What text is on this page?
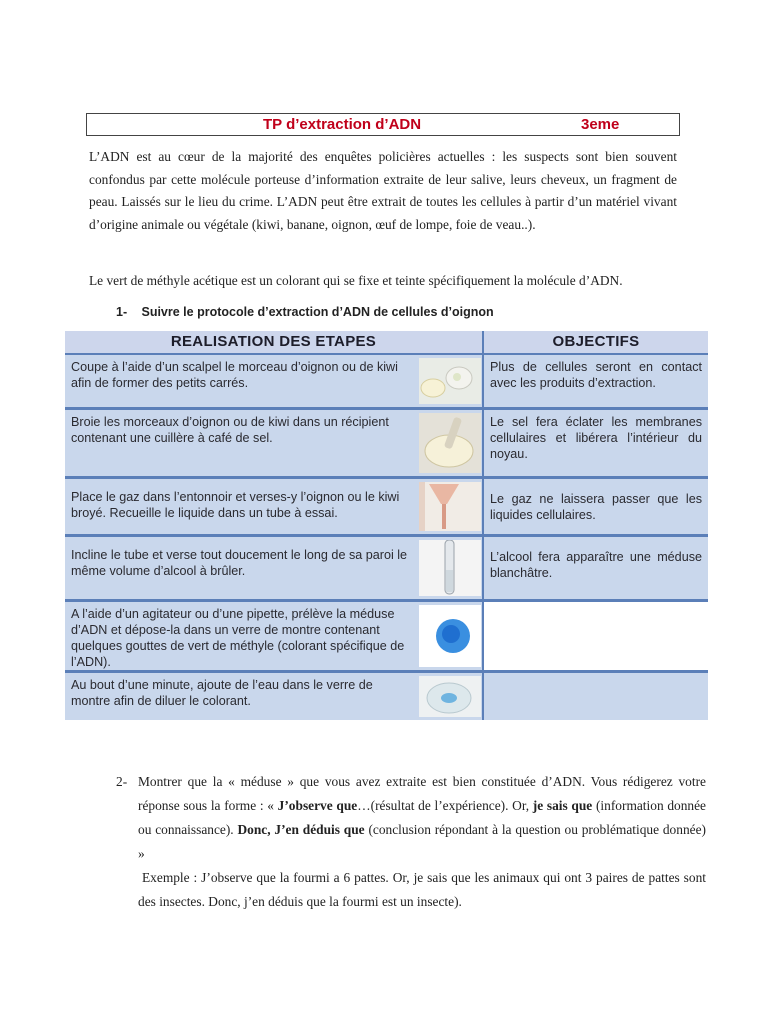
TP d’extraction d’ADN	3eme

L’ADN est au cœur de la majorité des enquêtes policières actuelles : les suspects sont bien souvent confondus par cette molécule porteuse d’information extraite de leur salive, leurs cheveux, un fragment de peau. Laissés sur le lieu du crime. L’ADN peut être extrait de toutes les cellules à partir d’un matériel vivant d’origine animale ou végétale (kiwi, banane, oignon, œuf de lompe, foie de veau..).

Le vert de méthyle acétique est un colorant qui se fixe et teinte spécifiquement la molécule d’ADN.

1- Suivre le protocole d’extraction d’ADN de cellules d’oignon
REALISATION DES ETAPES	OBJECTIFS
Coupe à l’aide d’un scalpel le morceau d’oignon ou de kiwi afin de former des petits carrés.
Plus de cellules seront en contact avec les produits d’extraction.
Broie les morceaux d’oignon ou de kiwi dans un récipient contenant une cuillère à café de sel.
Le sel fera éclater les membranes cellulaires et libérera l’intérieur du noyau.
Place le gaz dans l’entonnoir et verses-y l’oignon ou le kiwi broyé. Recueille le liquide dans un tube à essai.
Le gaz ne laissera passer que les liquides cellulaires.
Incline le tube et verse tout doucement le long de sa paroi le même volume d’alcool à brûler.
L’alcool fera apparaître une méduse blanchâtre.
A l’aide d’un agitateur ou d’une pipette, prélève la méduse d’ADN et dépose-la dans un verre de montre contenant quelques gouttes de vert de méthyle (colorant spécifique de l’ADN).
Au bout d’une minute, ajoute de l’eau dans le verre de montre afin de diluer le colorant.
2- Montrer que la « méduse » que vous avez extraite est bien constituée d’ADN. Vous rédigerez votre réponse sous la forme : « J’observe que…(résultat de l’expérience). Or, je sais que (information donnée ou connaissance). Donc, J’en déduis que (conclusion répondant à la question ou problématique donnée) »
Exemple : J’observe que la fourmi a 6 pattes. Or, je sais que les animaux qui ont 3 paires de pattes sont des insectes. Donc, j’en déduis que la fourmi est un insecte).
